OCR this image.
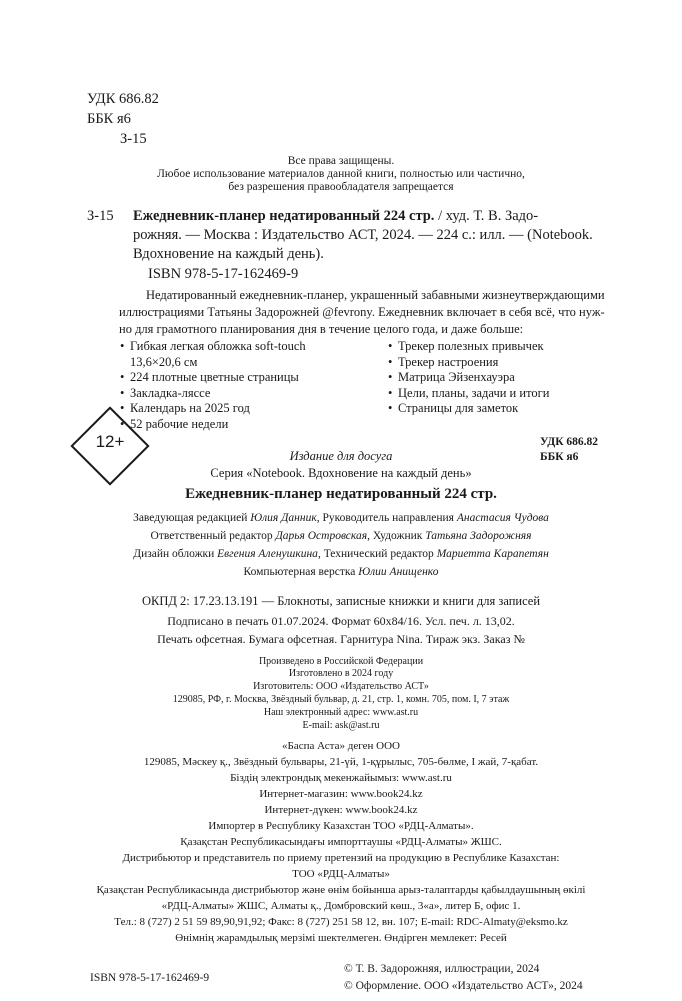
УДК 686.82
ББК я6
З-15
Все права защищены.
Любое использование материалов данной книги, полностью или частично,
без разрешения правообладателя запрещается
З-15 Ежедневник-планер недатированный 224 стр. / худ. Т. В. Задо-
рожняя. — Москва : Издательство АСТ, 2024. — 224 с.: илл. — (Notebook.
Вдохновение на каждый день).
ISBN 978-5-17-162469-9
Недатированный ежедневник-планер, украшенный забавными жизнеутверждающими
иллюстрациями Татьяны Задорожней @fevrony. Ежедневник включает в себя всё, что нуж-
но для грамотного планирования дня в течение целого года, и даже больше:
• Гибкая легкая обложка soft-touch
13,6×20,6 см
• 224 плотные цветные страницы
• Закладка-ляссе
• Календарь на 2025 год
• 52 рабочие недели
• Трекер полезных привычек
• Трекер настроения
• Матрица Эйзенхауэра
• Цели, планы, задачи и итоги
• Страницы для заметок
12+	УДК 686.82
ББК я6
Издание для досуга
Серия «Notebook. Вдохновение на каждый день»
Ежедневник-планер недатированный 224 стр.
Заведующая редакцией Юлия Данник, Руководитель направления Анастасия Чудова
Ответственный редактор Дарья Островская, Художник Татьяна Задорожняя
Дизайн обложки Евгения Аленушкина, Технический редактор Мариетта Карапетян
Компьютерная верстка Юлии Анищенко
ОКПД 2: 17.23.13.191 — Блокноты, записные книжки и книги для записей
Подписано в печать 01.07.2024. Формат 60х84/16. Усл. печ. л. 13,02.
Печать офсетная. Бумага офсетная. Гарнитура Nina. Тираж экз. Заказ №
Произведено в Российской Федерации
Изготовлено в 2024 году
Изготовитель: ООО «Издательство АСТ»
129085, РФ, г. Москва, Звёздный бульвар, д. 21, стр. 1, комн. 705, пом. I, 7 этаж
Наш электронный адрес: www.ast.ru
E-mail: ask@ast.ru
«Баспа Аста» деген ООО
129085, Мәскеу қ., Звёздный бульвары, 21-үй, 1-құрылыс, 705-бөлме, I жай, 7-қабат.
Біздің электрондық мекенжайымыз: www.ast.ru
Интернет-магазин: www.book24.kz
Интернет-дүкен: www.book24.kz
Импортер в Республику Казахстан ТОО «РДЦ-Алматы».
Қазақстан Республикасындағы импорттаушы «РДЦ-Алматы» ЖШС.
Дистрибьютор и представитель по приему претензий на продукцию в Республике Казахстан:
ТОО «РДЦ-Алматы»
Қазақстан Республикасында дистрибьютор және өнім бойынша арыз-талаптарды қабылдаушының өкілі
«РДЦ-Алматы» ЖШС, Алматы қ., Домбровский көш., 3«а», литер Б, офис 1.
Тел.: 8 (727) 2 51 59 89,90,91,92; Факс: 8 (727) 251 58 12, вн. 107; E-mail: RDC-Almaty@eksmo.kz
Өнімнің жарамдылық мерзімі шектелмеген. Өндірген мемлекет: Ресей
ISBN 978-5-17-162469-9
© Т. В. Задорожняя, иллюстрации, 2024
© Оформление. ООО «Издательство АСТ», 2024
